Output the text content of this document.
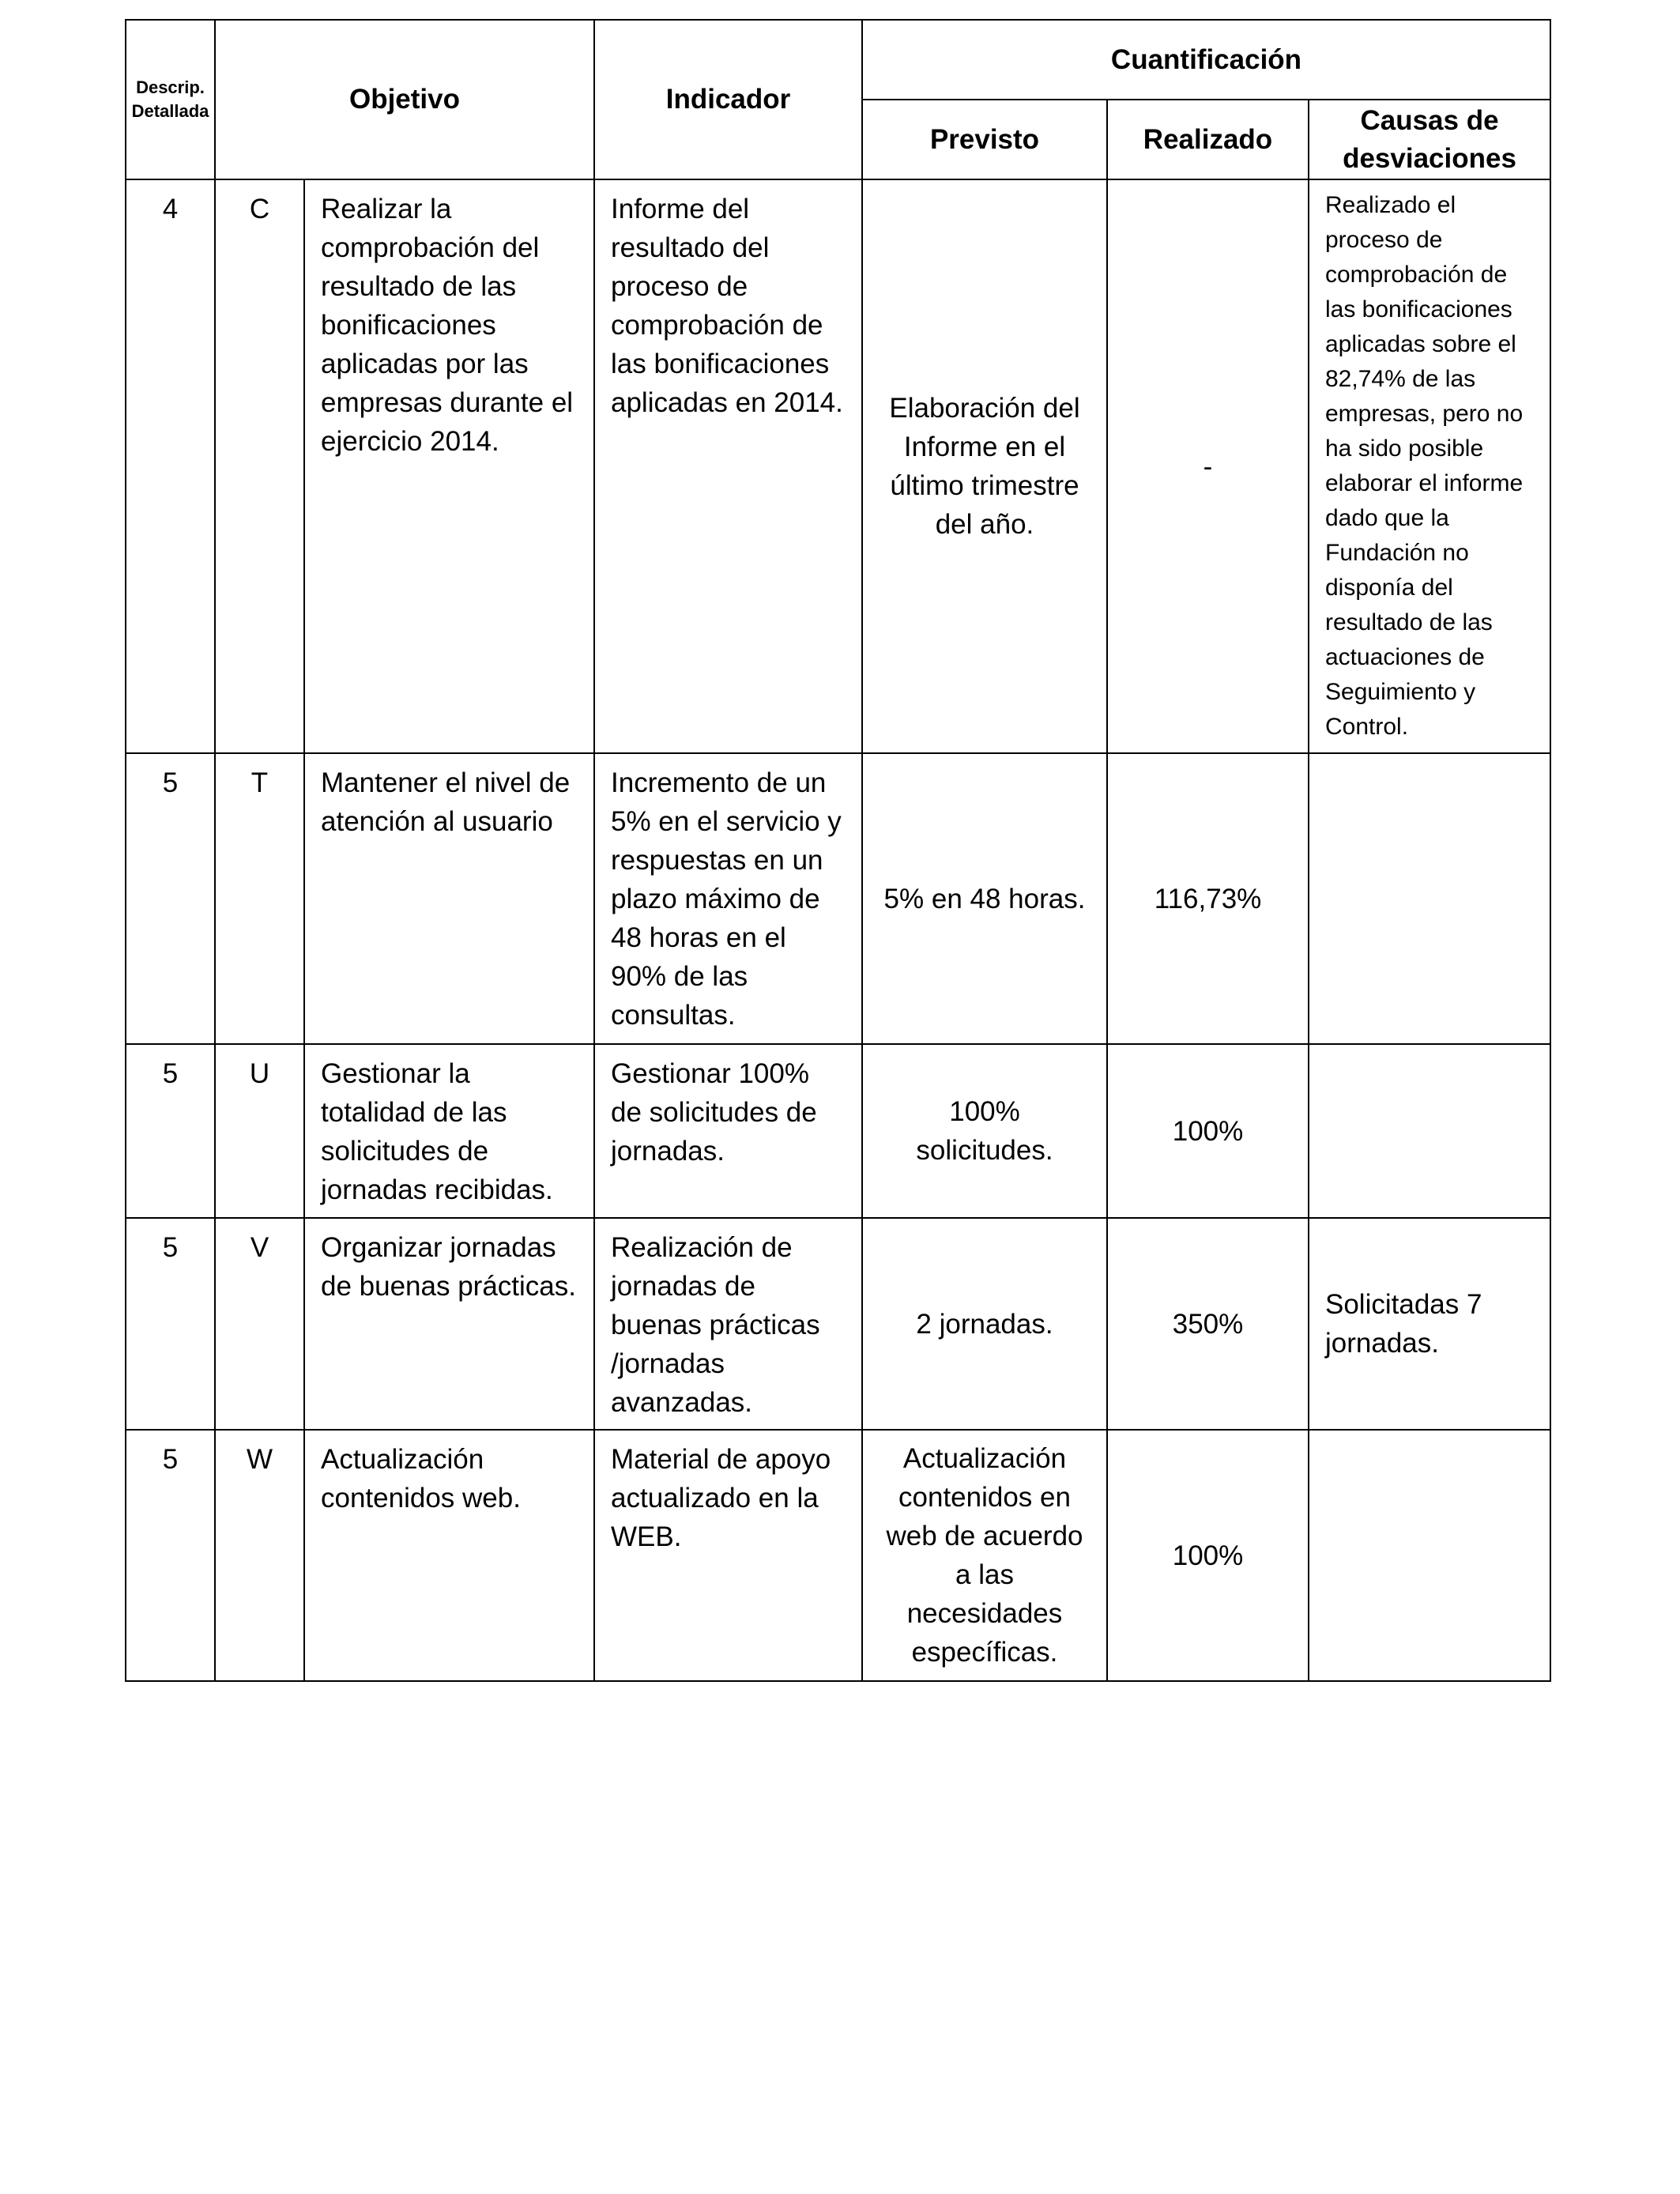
Descrip. Detallada	Objetivo		Indicador	Cuantificación		
				Previsto	Realizado	Causas de desviaciones
4	C	Realizar la comprobación del resultado de las bonificaciones aplicadas por las empresas durante el ejercicio 2014.	Informe del resultado del proceso de comprobación de las bonificaciones aplicadas en 2014.	Elaboración del Informe en el último trimestre del año.	-	Realizado el proceso de comprobación de las bonificaciones aplicadas sobre el 82,74% de las empresas, pero no ha sido posible elaborar el informe dado que la Fundación no disponía del resultado de las actuaciones de Seguimiento y Control.
5	T	Mantener el nivel de atención al usuario	Incremento de un 5% en el servicio y respuestas en un plazo máximo de 48 horas en el 90% de las consultas.	5% en 48 horas.	116,73%	
5	U	Gestionar la totalidad de las solicitudes de jornadas recibidas.	Gestionar 100% de solicitudes de jornadas.	100% solicitudes.	100%	
5	V	Organizar jornadas de buenas prácticas.	Realización de jornadas de buenas prácticas /jornadas avanzadas.	2 jornadas.	350%	Solicitadas 7 jornadas.
5	W	Actualización contenidos web.	Material de apoyo actualizado en la WEB.	Actualización contenidos en web de acuerdo a las necesidades específicas.	100%	
